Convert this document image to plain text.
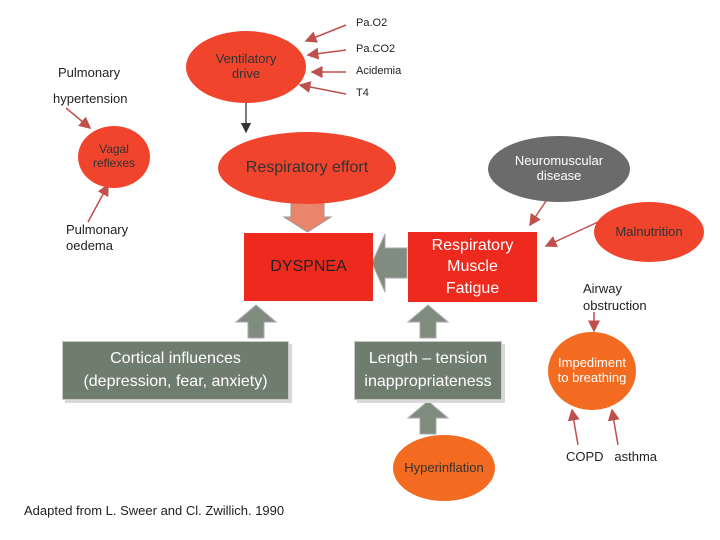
Pa.O2
Pa.CO2
Acidemia
T4
Pulmonary
hypertension
Ventilatory drive
Vagal reflexes	Respiratory effort	Neuromuscular disease
Pulmonary oedema
DYSPNEA
Respiratory Muscle Fatigue
Malnutrition
Airway obstruction
Cortical influences
(depression, fear, anxiety)
Length – tension
inappropriateness
Impediment to breathing
COPD   asthma
Hyperinflation
Adapted from L. Sweer and Cl. Zwillich. 1990
